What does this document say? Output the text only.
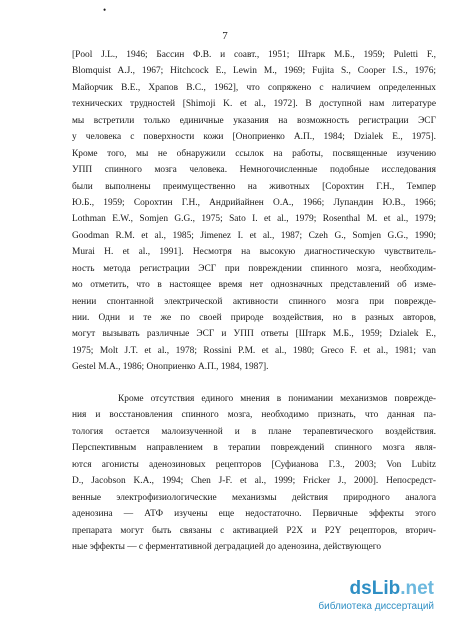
•
7
[Pool J.L., 1946; Бассин Ф.В. и соавт., 1951; Штарк М.Б., 1959; Puletti F.,
Blomquist A.J., 1967; Hitchcock E., Lewin M., 1969; Fujita S., Cooper I.S., 1976;
Майорчик В.Е., Храпов В.С., 1962], что сопряжено с наличием определенных
технических трудностей [Shimoji K. et al., 1972]. В доступной нам литературе
мы встретили только единичные указания на возможность регистрации ЭСГ
у человека с поверхности кожи [Оноприенко А.П., 1984; Dzialek E., 1975].
Кроме того, мы не обнаружили ссылок на работы, посвященные изучению
УПП спинного мозга человека. Немногочисленные подобные исследования
были выполнены преимущественно на животных [Сорохтин Г.Н., Темпер
Ю.Б., 1959; Сорохтин Г.Н., Андрийайнен О.А., 1966; Лупандин Ю.В., 1966;
Lothman E.W., Somjen G.G., 1975; Sato I. et al., 1979; Rosenthal M. et al., 1979;
Goodman R.M. et al., 1985; Jimenez I. et al., 1987; Czeh G., Somjen G.G., 1990;
Murai H. et al., 1991]. Несмотря на высокую диагностическую чувствитель-
ность метода регистрации ЭСГ при повреждении спинного мозга, необходим-
мо отметить, что в настоящее время нет однозначных представлений об изме-
нении спонтанной электрической активности спинного мозга при поврежде-
нии. Одни и те же по своей природе воздействия, но в разных авторов,
могут вызывать различные ЭСГ и УПП ответы [Штарк М.Б., 1959; Dzialek E.,
1975; Molt J.T. et al., 1978; Rossini P.M. et al., 1980; Greco F. et al., 1981; van
Gestel M.A., 1986; Оноприенко А.П., 1984, 1987].
Кроме отсутствия единого мнения в понимании механизмов поврежде-
ния и восстановления спинного мозга, необходимо признать, что данная па-
тология остается малоизученной и в плане терапевтического воздействия.
Перспективным направлением в терапии повреждений спинного мозга явля-
ются агонисты аденозиновых рецепторов [Суфианова Г.З., 2003; Von Lubitz
D., Jacobson K.A., 1994; Chen J-F. et al., 1999; Fricker J., 2000]. Непосредст-
венные электрофизиологические механизмы действия природного аналога
аденозина — АТФ изучены еще недостаточно. Первичные эффекты этого
препарата могут быть связаны с активацией P2X и P2Y рецепторов, вторич-
ные эффекты — с ферментативной деградацией до аденозина, действующего
dsLib.net
библиотека диссертаций
